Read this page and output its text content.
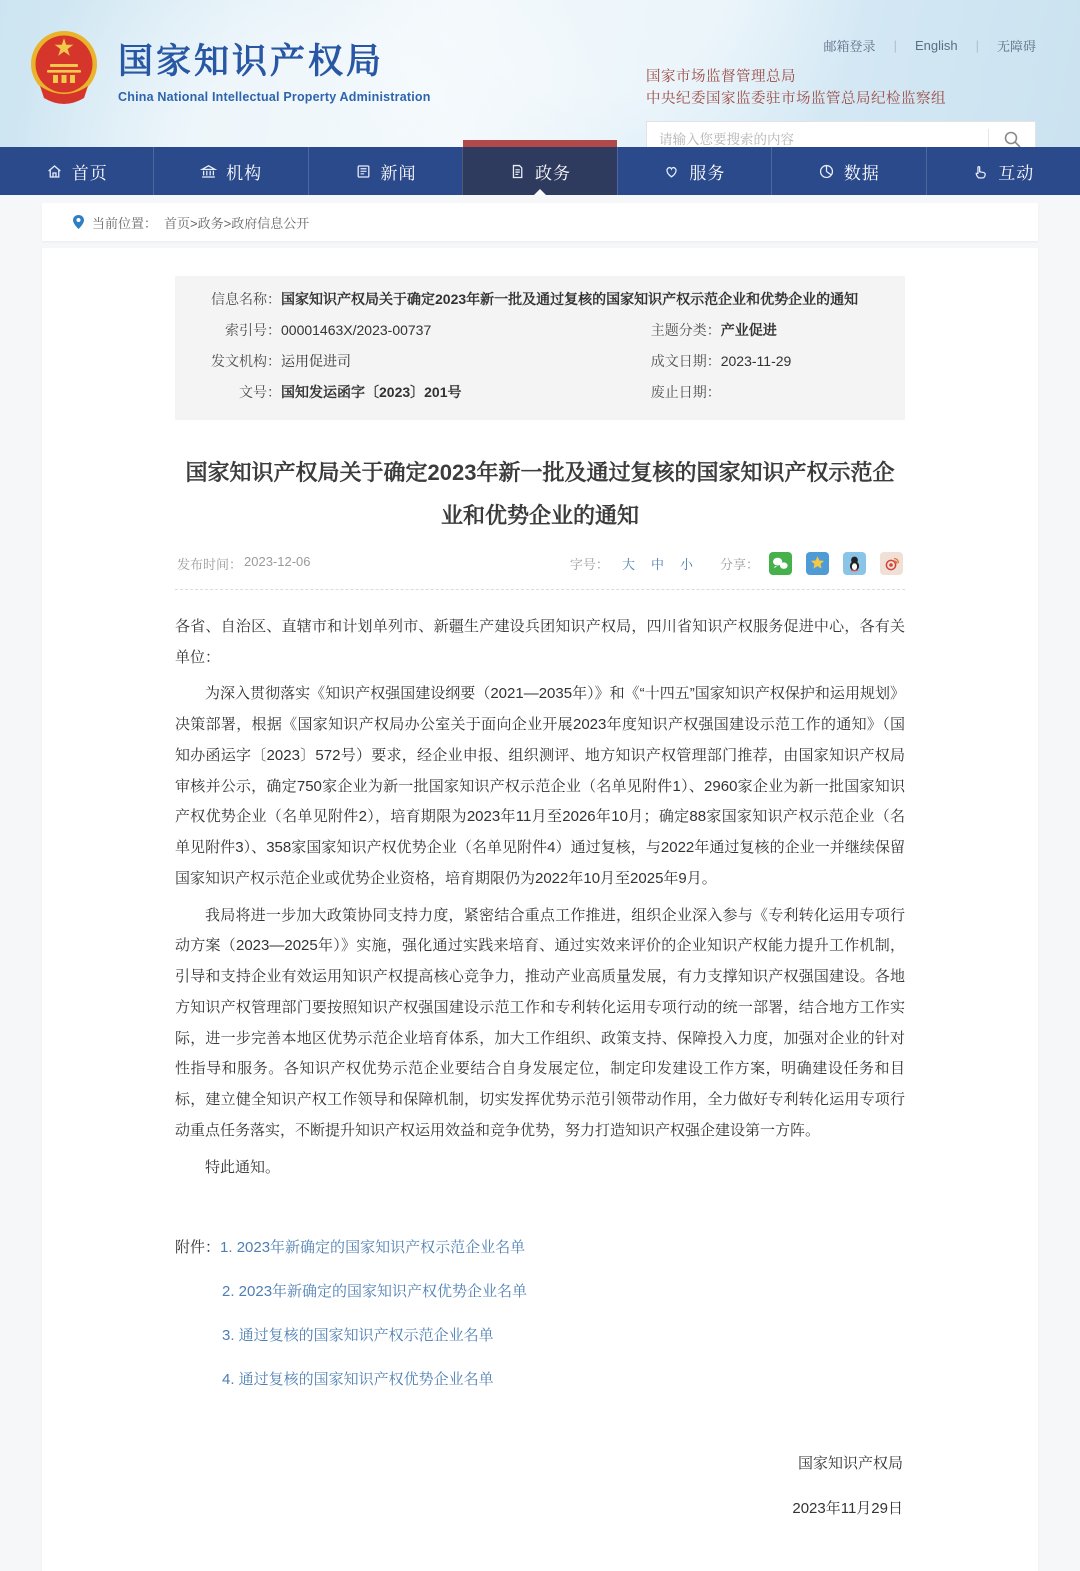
国家知识产权局
China National Intellectual Property Administration
邮箱登录 | English | 无障碍
国家市场监督管理总局
中央纪委国家监委驻市场监管总局纪检监察组
请输入您要搜索的内容
首页	机构	新闻	政务	服务	数据	互动
当前位置： 首页>政务>政府信息公开
信息名称： 国家知识产权局关于确定2023年新一批及通过复核的国家知识产权示范企业和优势企业的通知
索引号： 00001463X/2023-00737	主题分类： 产业促进
发文机构： 运用促进司	成文日期： 2023-11-29
文号： 国知发运函字〔2023〕201号	废止日期：
国家知识产权局关于确定2023年新一批及通过复核的国家知识产权示范企业和优势企业的通知
发布时间： 2023-12-06	字号： 大 中 小 分享：

各省、自治区、直辖市和计划单列市、新疆生产建设兵团知识产权局，四川省知识产权服务促进中心，各有关单位：

为深入贯彻落实《知识产权强国建设纲要（2021—2035年）》和《“十四五”国家知识产权保护和运用规划》决策部署，根据《国家知识产权局办公室关于面向企业开展2023年度知识产权强国建设示范工作的通知》（国知办函运字〔2023〕572号）要求，经企业申报、组织测评、地方知识产权管理部门推荐，由国家知识产权局审核并公示，确定750家企业为新一批国家知识产权示范企业（名单见附件1）、2960家企业为新一批国家知识产权优势企业（名单见附件2），培育期限为2023年11月至2026年10月；确定88家国家知识产权示范企业（名单见附件3）、358家国家知识产权优势企业（名单见附件4）通过复核，与2022年通过复核的企业一并继续保留国家知识产权示范企业或优势企业资格，培育期限仍为2022年10月至2025年9月。

我局将进一步加大政策协同支持力度，紧密结合重点工作推进，组织企业深入参与《专利转化运用专项行动方案（2023—2025年）》实施，强化通过实践来培育、通过实效来评价的企业知识产权能力提升工作机制，引导和支持企业有效运用知识产权提高核心竞争力，推动产业高质量发展，有力支撑知识产权强国建设。各地方知识产权管理部门要按照知识产权强国建设示范工作和专利转化运用专项行动的统一部署，结合地方工作实际，进一步完善本地区优势示范企业培育体系，加大工作组织、政策支持、保障投入力度，加强对企业的针对性指导和服务。各知识产权优势示范企业要结合自身发展定位，制定印发建设工作方案，明确建设任务和目标，建立健全知识产权工作领导和保障机制，切实发挥优势示范引领带动作用，全力做好专利转化运用专项行动重点任务落实，不断提升知识产权运用效益和竞争优势，努力打造知识产权强企建设第一方阵。

特此通知。

附件： 1. 2023年新确定的国家知识产权示范企业名单
2. 2023年新确定的国家知识产权优势企业名单
3. 通过复核的国家知识产权示范企业名单
4. 通过复核的国家知识产权优势企业名单
国家知识产权局
2023年11月29日
